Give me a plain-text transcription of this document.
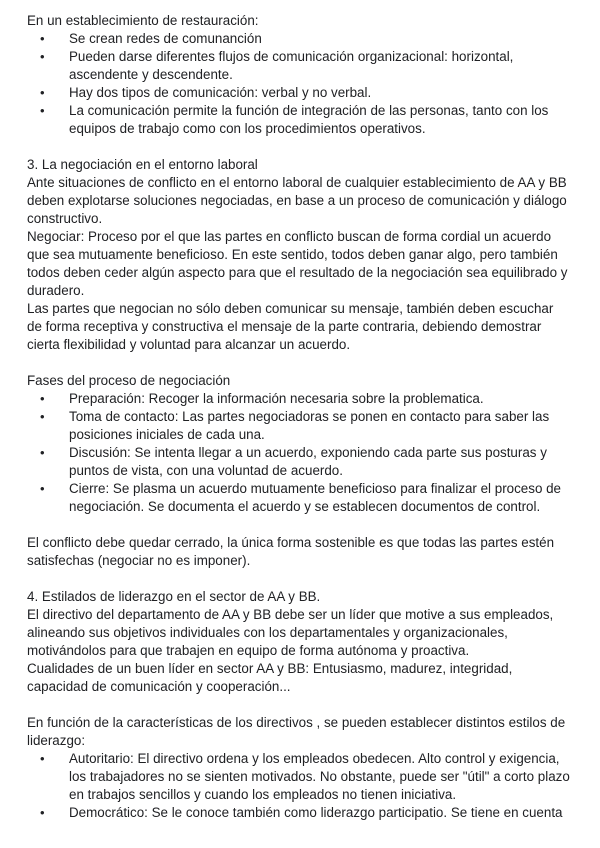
En un establecimiento de restauración:

• Se crean redes de comunanción
• Pueden darse diferentes flujos de comunicación organizacional: horizontal, ascendente y descendente.
• Hay dos tipos de comunicación: verbal y no verbal.
• La comunicación permite la función de integración de las personas, tanto con los equipos de trabajo como con los procedimientos operativos.

3. La negociación en el entorno laboral

Ante situaciones de conflicto en el entorno laboral de cualquier establecimiento de AA y BB deben explotarse soluciones negociadas, en base a un proceso de comunicación y diálogo constructivo.

Negociar: Proceso por el que las partes en conflicto buscan de forma cordial un acuerdo que sea mutuamente beneficioso. En este sentido, todos deben ganar algo, pero también todos deben ceder algún aspecto para que el resultado de la negociación sea equilibrado y duradero.

Las partes que negocian no sólo deben comunicar su mensaje, también deben escuchar de forma receptiva y constructiva el mensaje de la parte contraria, debiendo demostrar cierta flexibilidad y voluntad para alcanzar un acuerdo.

Fases del proceso de negociación

• Preparación: Recoger la información necesaria sobre la problematica.
• Toma de contacto: Las partes negociadoras se ponen en contacto para saber las posiciones iniciales de cada una.
• Discusión: Se intenta llegar a un acuerdo, exponiendo cada parte sus posturas y puntos de vista, con una voluntad de acuerdo.
• Cierre: Se plasma un acuerdo mutuamente beneficioso para finalizar el proceso de negociación. Se documenta el acuerdo y se establecen documentos de control.

El conflicto debe quedar cerrado, la única forma sostenible es que todas las partes estén satisfechas (negociar no es imponer).

4. Estilados de liderazgo en el sector de AA y BB.

El directivo del departamento de AA y BB debe ser un líder que motive a sus empleados, alineando sus objetivos individuales con los departamentales y organizacionales, motivándolos para que trabajen en equipo de forma autónoma y proactiva.

Cualidades de un buen líder en sector AA y BB: Entusiasmo, madurez, integridad, capacidad de comunicación y cooperación...

En función de la características de los directivos , se pueden establecer distintos estilos de liderazgo:

• Autoritario: El directivo ordena y los empleados obedecen. Alto control y exigencia, los trabajadores no se sienten motivados. No obstante, puede ser "útil" a corto plazo en trabajos sencillos y cuando los empleados no tienen iniciativa.
• Democrático: Se le conoce también como liderazgo participatio. Se tiene en cuenta
